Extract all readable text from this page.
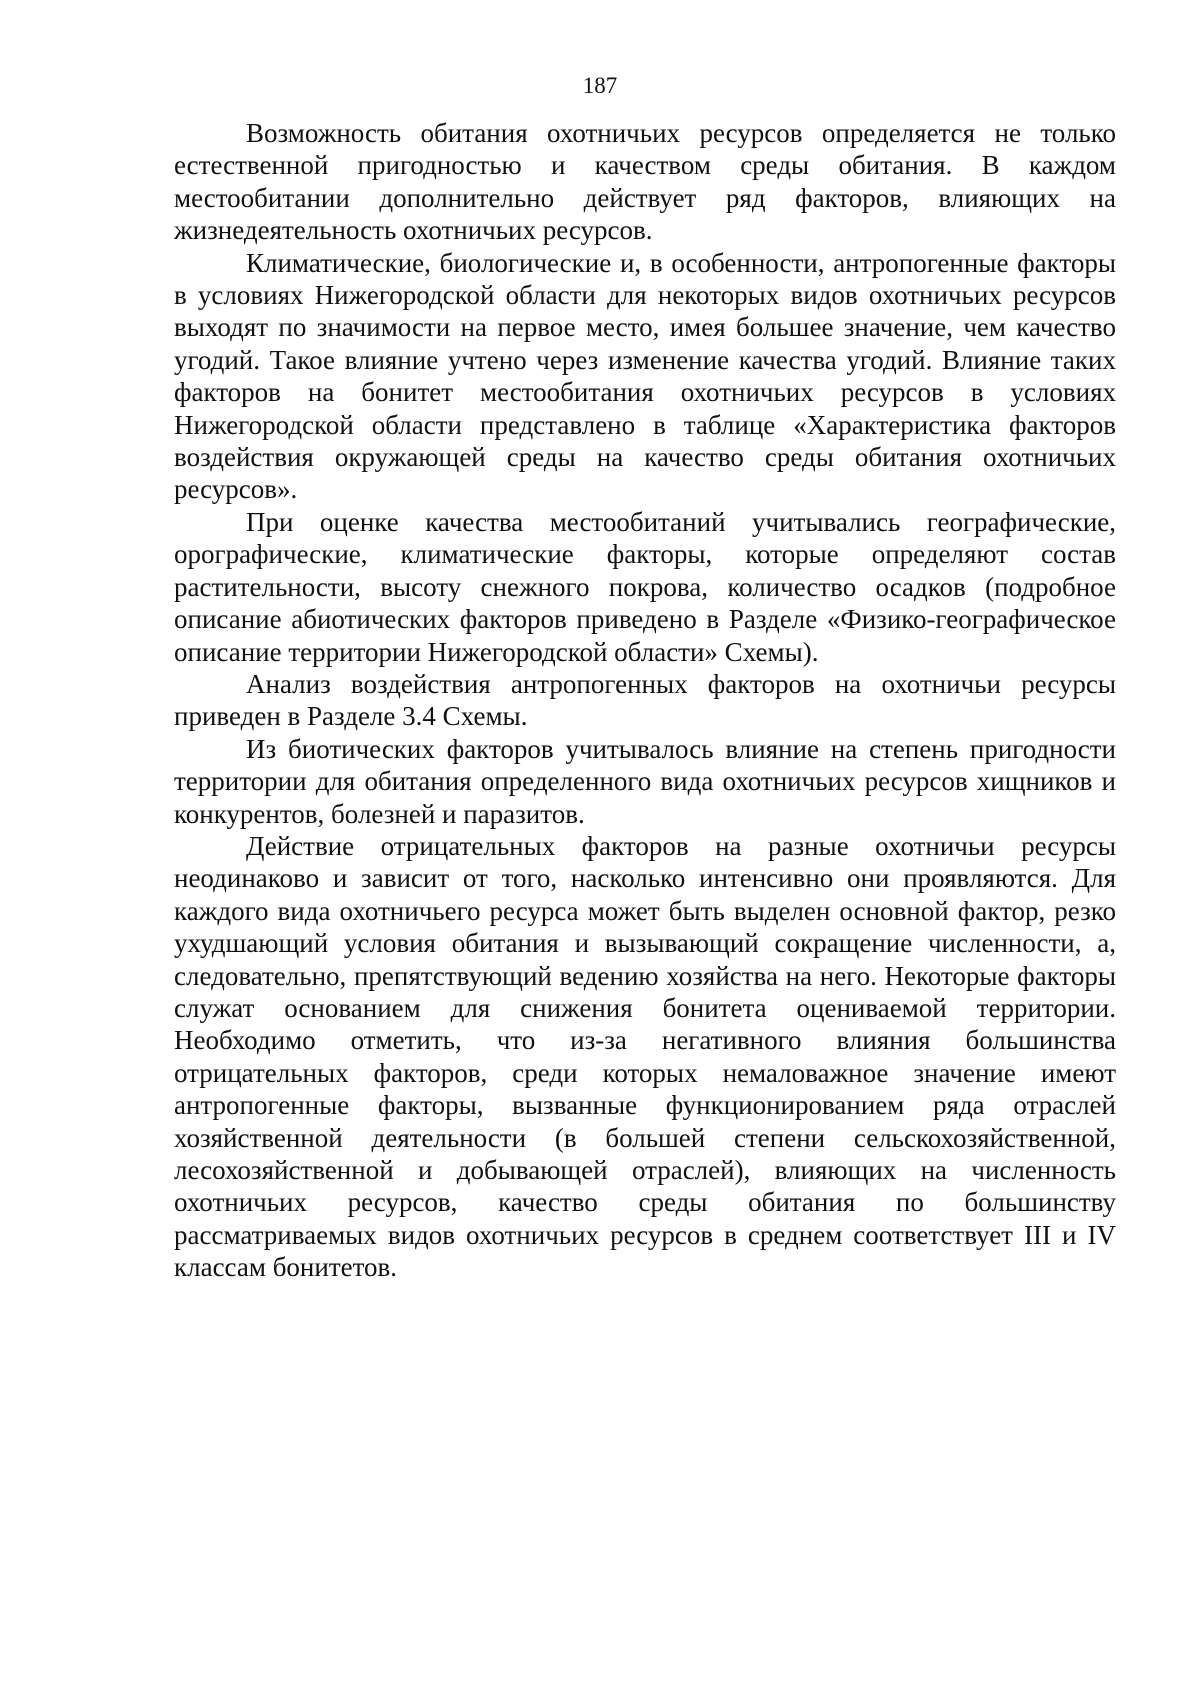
187

Возможность обитания охотничьих ресурсов определяется не только естественной пригодностью и качеством среды обитания. В каждом местообитании дополнительно действует ряд факторов, влияющих на жизнедеятельность охотничьих ресурсов.

Климатические, биологические и, в особенности, антропогенные факторы в условиях Нижегородской области для некоторых видов охотничьих ресурсов выходят по значимости на первое место, имея большее значение, чем качество угодий. Такое влияние учтено через изменение качества угодий. Влияние таких факторов на бонитет местообитания охотничьих ресурсов в условиях Нижегородской области представлено в таблице «Характеристика факторов воздействия окружающей среды на качество среды обитания охотничьих ресурсов».

При оценке качества местообитаний учитывались географические, орографические, климатические факторы, которые определяют состав растительности, высоту снежного покрова, количество осадков (подробное описание абиотических факторов приведено в Разделе «Физико-географическое описание территории Нижегородской области» Схемы).

Анализ воздействия антропогенных факторов на охотничьи ресурсы приведен в Разделе 3.4 Схемы.

Из биотических факторов учитывалось влияние на степень пригодности территории для обитания определенного вида охотничьих ресурсов хищников и конкурентов, болезней и паразитов.

Действие отрицательных факторов на разные охотничьи ресурсы неодинаково и зависит от того, насколько интенсивно они проявляются. Для каждого вида охотничьего ресурса может быть выделен основной фактор, резко ухудшающий условия обитания и вызывающий сокращение численности, а, следовательно, препятствующий ведению хозяйства на него. Некоторые факторы служат основанием для снижения бонитета оцениваемой территории. Необходимо отметить, что из-за негативного влияния большинства отрицательных факторов, среди которых немаловажное значение имеют антропогенные факторы, вызванные функционированием ряда отраслей хозяйственной деятельности (в большей степени сельскохозяйственной, лесохозяйственной и добывающей отраслей), влияющих на численность охотничьих ресурсов, качество среды обитания по большинству рассматриваемых видов охотничьих ресурсов в среднем соответствует III и IV классам бонитетов.
